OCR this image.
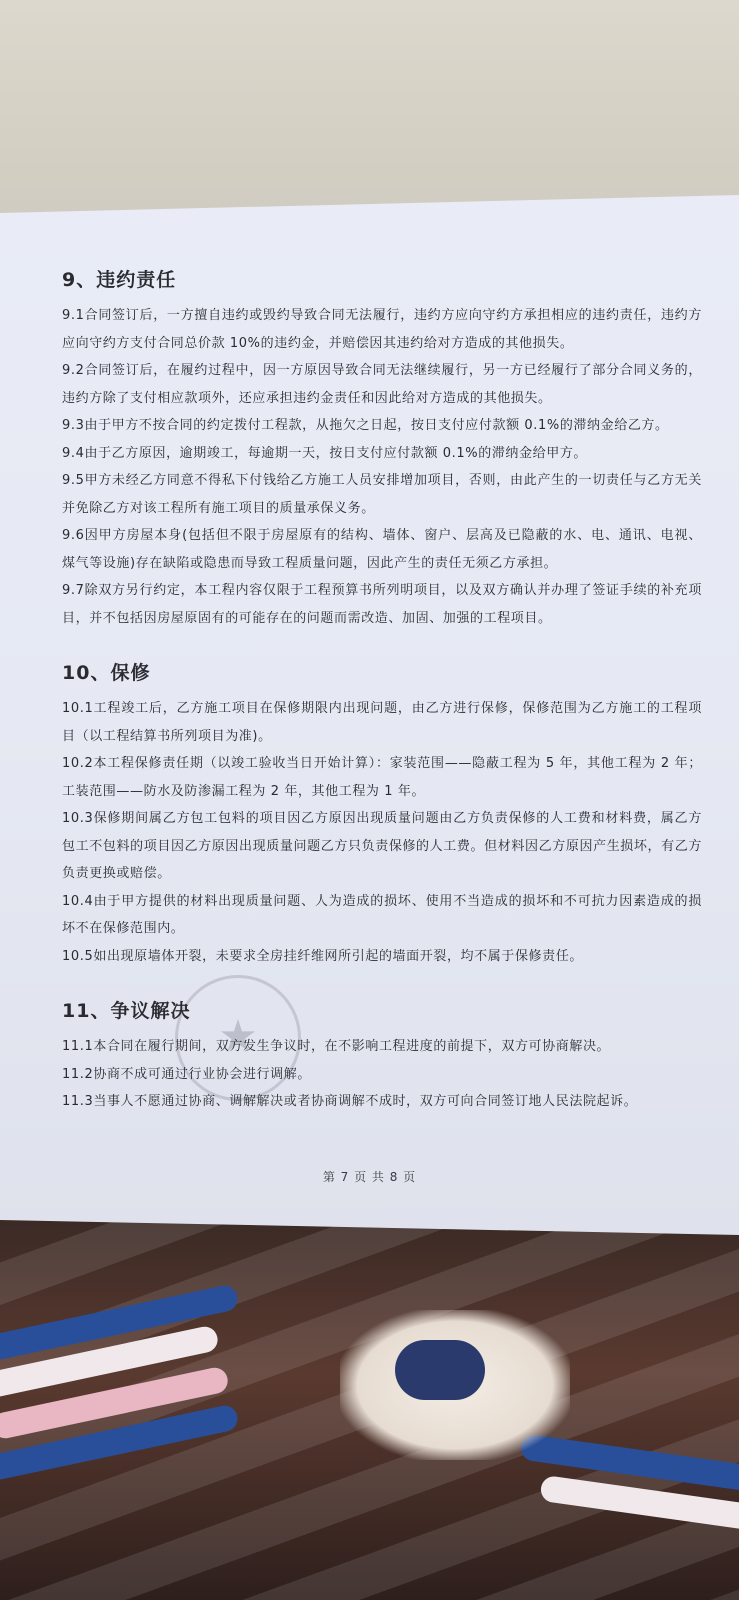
★
9、违约责任

9.1合同签订后，一方擅自违约或毁约导致合同无法履行，违约方应向守约方承担相应的违约责任，违约方应向守约方支付合同总价款 10%的违约金，并赔偿因其违约给对方造成的其他损失。

9.2合同签订后，在履约过程中，因一方原因导致合同无法继续履行，另一方已经履行了部分合同义务的，违约方除了支付相应款项外，还应承担违约金责任和因此给对方造成的其他损失。

9.3由于甲方不按合同的约定拨付工程款，从拖欠之日起，按日支付应付款额 0.1%的滞纳金给乙方。

9.4由于乙方原因，逾期竣工，每逾期一天，按日支付应付款额 0.1%的滞纳金给甲方。

9.5甲方未经乙方同意不得私下付钱给乙方施工人员安排增加项目，否则，由此产生的一切责任与乙方无关并免除乙方对该工程所有施工项目的质量承保义务。

9.6因甲方房屋本身(包括但不限于房屋原有的结构、墙体、窗户、层高及已隐蔽的水、电、通讯、电视、煤气等设施)存在缺陷或隐患而导致工程质量问题，因此产生的责任无须乙方承担。

9.7除双方另行约定，本工程内容仅限于工程预算书所列明项目，以及双方确认并办理了签证手续的补充项目，并不包括因房屋原固有的可能存在的问题而需改造、加固、加强的工程项目。

10、保修

10.1工程竣工后，乙方施工项目在保修期限内出现问题，由乙方进行保修，保修范围为乙方施工的工程项目（以工程结算书所列项目为准)。

10.2本工程保修责任期（以竣工验收当日开始计算）：家装范围——隐蔽工程为 5 年，其他工程为 2 年；工装范围——防水及防渗漏工程为 2 年，其他工程为 1 年。

10.3保修期间属乙方包工包料的项目因乙方原因出现质量问题由乙方负责保修的人工费和材料费，属乙方包工不包料的项目因乙方原因出现质量问题乙方只负责保修的人工费。但材料因乙方原因产生损坏，有乙方负责更换或赔偿。

10.4由于甲方提供的材料出现质量问题、人为造成的损坏、使用不当造成的损坏和不可抗力因素造成的损坏不在保修范围内。

10.5如出现原墙体开裂，未要求全房挂纤维网所引起的墙面开裂，均不属于保修责任。

11、争议解决

11.1本合同在履行期间，双方发生争议时，在不影响工程进度的前提下，双方可协商解决。

11.2协商不成可通过行业协会进行调解。

11.3当事人不愿通过协商、调解解决或者协商调解不成时，双方可向合同签订地人民法院起诉。

第 7 页 共 8 页
